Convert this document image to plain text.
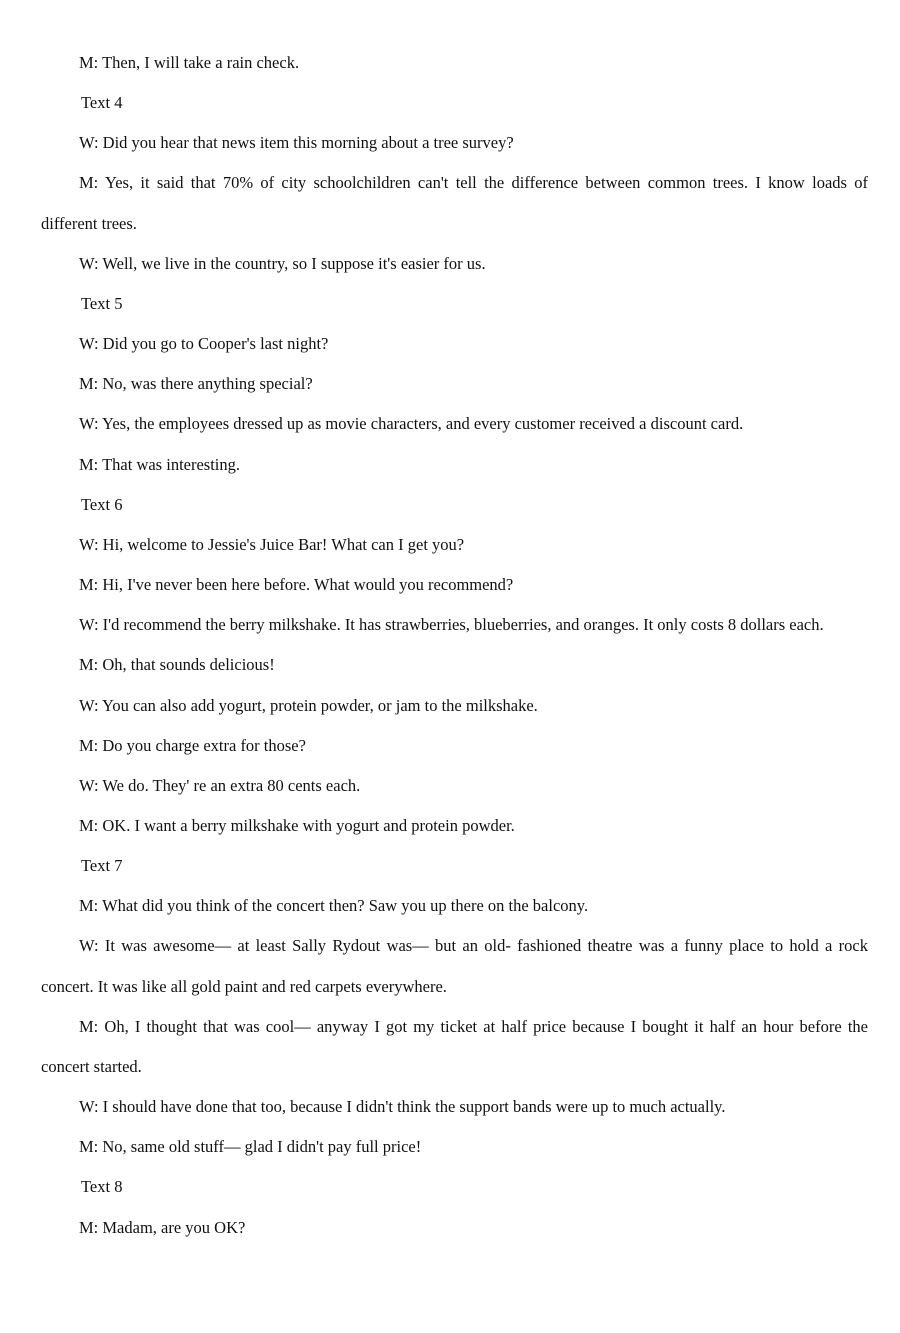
M: Then, I will take a rain check.

Text 4

W: Did you hear that news item this morning about a tree survey?

M: Yes, it said that 70% of city schoolchildren can't tell the difference between common trees. I know loads of different trees.

W: Well, we live in the country, so I suppose it's easier for us.

Text 5

W: Did you go to Cooper's last night?

M: No, was there anything special?

W: Yes, the employees dressed up as movie characters, and every customer received a discount card.

M: That was interesting.

Text 6

W: Hi, welcome to Jessie's Juice Bar! What can I get you?

M: Hi, I've never been here before. What would you recommend?

W: I'd recommend the berry milkshake. It has strawberries, blueberries, and oranges. It only costs 8 dollars each.

M: Oh, that sounds delicious!

W: You can also add yogurt, protein powder, or jam to the milkshake.

M: Do you charge extra for those?

W: We do. They' re an extra 80 cents each.

M: OK. I want a berry milkshake with yogurt and protein powder.

Text 7

M: What did you think of the concert then? Saw you up there on the balcony.

W: It was awesome— at least Sally Rydout was— but an old- fashioned theatre was a funny place to hold a rock concert. It was like all gold paint and red carpets everywhere.

M: Oh, I thought that was cool— anyway I got my ticket at half price because I bought it half an hour before the concert started.

W: I should have done that too, because I didn't think the support bands were up to much actually.

M: No, same old stuff— glad I didn't pay full price!

Text 8

M: Madam, are you OK?
